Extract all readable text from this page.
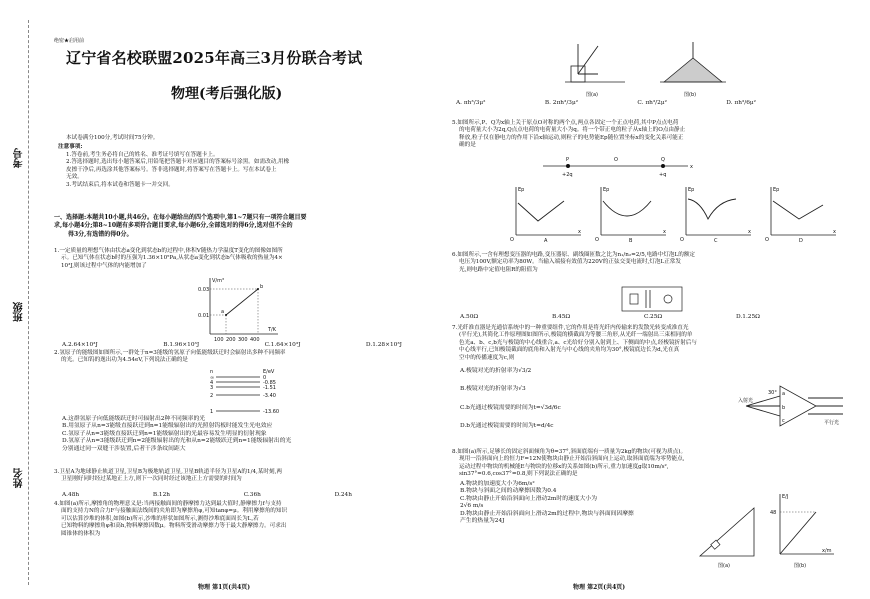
考号
班级
姓名
绝密★启用前
辽宁省名校联盟2025年高三3月份联合考试
物理(考后强化版)
本试卷满分100分,考试时间75分钟。
注意事项:
1.答卷前,考生务必将自己的姓名、准考证号填写在答题卡上。
2.答选择题时,选出每小题答案后,用铅笔把答题卡对应题目的答案标号涂黑。如需改动,用橡
皮擦干净后,再选涂其他答案标号。答非选择题时,将答案写在答题卡上。写在本试卷上
无效。
3.考试结束后,将本试卷和答题卡一并交回。
一、选择题:本题共10小题,共46分。在每小题给出的四个选项中,第1~7题只有一项符合题目要
求,每小题4分;第8~10题有多项符合题目要求,每小题6分,全部选对的得6分,选对但不全的
得3分,有选错的得0分。
1.一定质量的理想气体由状态a变化到状态b的过程中,体积V随热力学温度T变化的图像如图所
示。已知气体在状态b时的压强为1.36×10⁵Pa,从状态a变化到状态b气体吸收的热量为4×
10³J,则该过程中气体的内能增加了
V/m³
T/K
0.03
0.01
a
b
100 200 300 400
A.2.64×10³J	B.1.96×10³J	C.1.64×10³J	D.1.28×10³J
2.氢原子的能级图如图所示,一群处于n=3能级的氢原子向低能级跃迁时会辐射出多种不同频率
的光。已知钨的逸出功为4.54eV,下列说法正确的是
n	E/eV
∞	0
4	-0.85
3	-1.51
2	-3.40
1	-13.60
A.这群氢原子向低能级跃迁时可辐射出2种不同频率的光
B.用氢原子从n=3能级直接跃迁到n=1能级辐射出的光照射钨板时能发生光电效应
C.氢原子从n=3能级直接跃迁到n=1能级辐射出的光最容易发生明显的衍射现象
D.氢原子从n=3能级跃迁到n=2能级辐射出的光和从n=2能级跃迁到n=1能级辐射出的光
分别通过同一双缝干涉装置,后者干涉条纹间距大
3.卫星A为地球静止轨道卫星,卫星B为极地轨道卫星,卫星B轨道半径为卫星A的1/4,某时刻,两
卫星刚好同时经过某地正上方,则下一次同时经过该地正上方需要的时间为
A.48h	B.12h	C.36h	D.24h
4.如图(a)所示,摩擦角的物理意义是:当两接触面间的静摩擦力达到最大值时,静摩擦力f与支持
面的支持力N的合力F与接触面法线间的夹角即为摩擦角φ,可知tanφ=μ。利用摩擦角的知识
可以估算沙堆的体积,如图(b)所示,沙堆的形状如图所示,测得沙堆底面周长为L,若
已知物料的摩擦角φ和高h,物料摩擦因数μ。物料所受滑动摩擦力等于最大静摩擦力。可求出
圆锥体的体积为
物理 第1页(共4页)
图(a)	图(b)
A. πh³/3μ²	B. 2πh³/3μ²	C. πh³/2μ²	D. πh³/6μ²
5.如图所示,P、Q为x轴上关于原点O对称的两个点,两点各固定一个正点电荷,其中P点点电荷
的电荷量大小为2q,Q点点电荷的电荷量大小为q。将一个带正电的粒子从x轴上的O点由静止
释放,粒子仅在静电力的作用下沿x轴运动,则粒子的电势能Ep随位置坐标x的变化关系可能正
确的是
P	O	Q
x
+2q	+q
Ep
x
O	A
Ep
x
O	B
Ep
x
O	C
Ep
x
O	D
6.如图所示,一含有理想变压器的电路,变压器原、副线圈匝数之比为n₁/n₂=2/5,电路中灯泡L的额定
电压为100V,额定功率为80W。当输入端接有效值为220V的正弦交变电流时,灯泡L正常发
光,则电路中定值电阻R的阻值为
A.50Ω	B.45Ω	C.25Ω	D.1.25Ω
7.光纤准直器是光通信系统中的一种重要组件,它的作用是将光纤内传输来的发散光转变成准直光
(平行光),其简化工作原理图如图所示,梭镜的横截面为等腰三角形,从光纤一端射出三束相同的单
色光a、b、c,b光与梭镜的中心线重合,a、c光给好分别入射到上、下侧面的中点,经梭镜折射后与
中心线平行,已知梭镜截面的底角和入射光与中心线的夹角均为30°,梭镜底边长为d,光在真
空中的传播速度为c,则
A.梭镜对光的折射率为√3/2
B.梭镜对光的折射率为√3
C.b光通过梭镜需要的时间为t=√3d/6c
D.b光通过梭镜需要的时间为t=d/4c
入射光
平行光
30° a
b
c
8.如图(a)所示,足够长的固定斜面倾角为θ=37°,斜面底端有一质量为2kg的物块(可视为质点)。
现用一沿斜面向上的恒力F=12N使物块由静止开始沿斜面向上运动,取斜面底端为零势能点,
运动过程中物块的机械能E与物块的位移x的关系如图(b)所示,重力加速度g取10m/s²,
sin37°=0.6,cos37°=0.8,则下列说法正确的是
A.物块的加速度大小为6m/s²
B.物块与斜面之间的动摩擦因数为0.4
C.物块由静止开始沿斜面向上滑动2m时的速度大小为
2√6 m/s
D.物块由静止开始沿斜面向上滑动2m的过程中,物块与斜面间因摩擦
产生的热量为24J
图(a)
E/J
x/m
48
图(b)
物理 第2页(共4页)
